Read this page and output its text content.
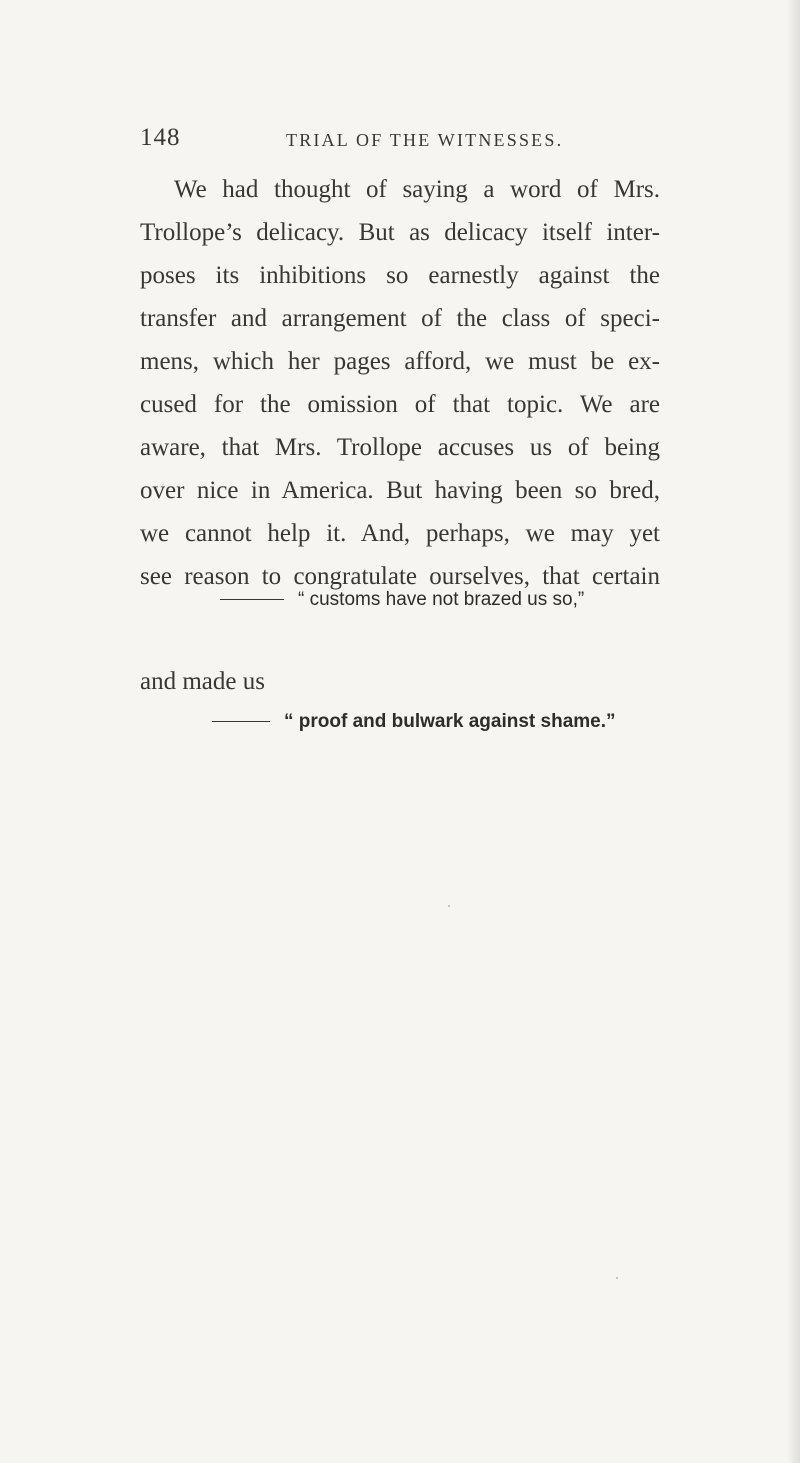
148	TRIAL OF THE WITNESSES.
We had thought of saying a word of Mrs.
Trollope’s delicacy. But as delicacy itself inter-
poses its inhibitions so earnestly against the
transfer and arrangement of the class of speci-
mens, which her pages afford, we must be ex-
cused for the omission of that topic. We are
aware, that Mrs. Trollope accuses us of being
over nice in America. But having been so bred,
we cannot help it. And, perhaps, we may yet
see reason to congratulate ourselves, that certain
“ customs have not brazed us so,”
and made us
“ proof and bulwark against shame.”
